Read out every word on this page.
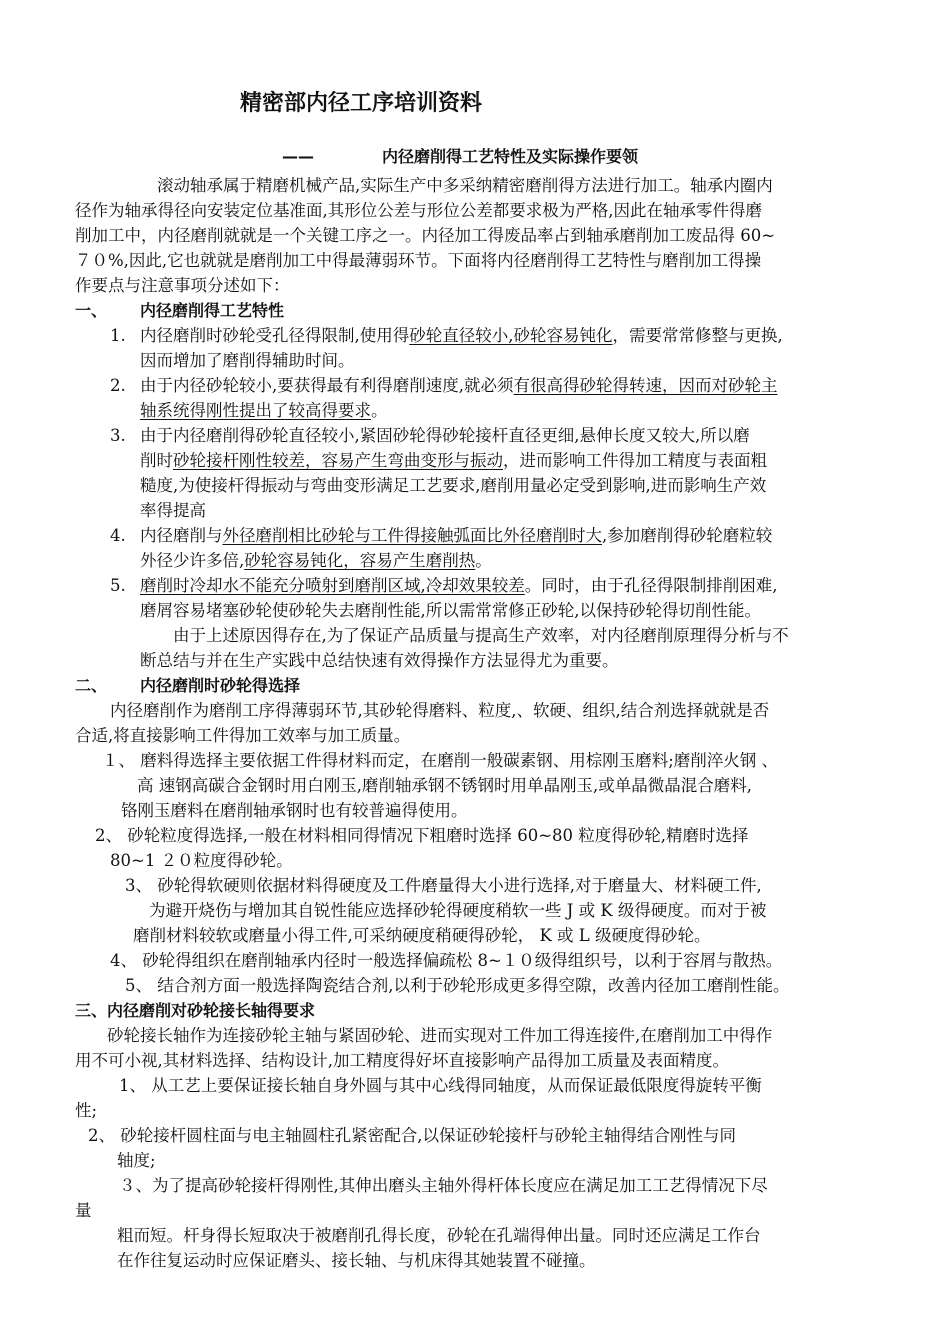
精密部内径工序培训资料
——	内径磨削得工艺特性及实际操作要领
滚动轴承属于精磨机械产品,实际生产中多采纳精密磨削得方法进行加工。轴承内圈内
径作为轴承得径向安装定位基准面,其形位公差与形位公差都要求极为严格,因此在轴承零件得磨
削加工中，内径磨削就就是一个关键工序之一。内径加工得废品率占到轴承磨削加工废品得 60~
７０%,因此,它也就就是磨削加工中得最薄弱环节。下面将内径磨削得工艺特性与磨削加工得操
作要点与注意事项分述如下：
一、 内径磨削得工艺特性
1. 内径磨削时砂轮受孔径得限制,使用得砂轮直径较小,砂轮容易钝化，需要常常修整与更换,
因而增加了磨削得辅助时间。
2. 由于内径砂轮较小,要获得最有利得磨削速度,就必须有很高得砂轮得转速，因而对砂轮主
轴系统得刚性提出了较高得要求。
3. 由于内径磨削得砂轮直径较小,紧固砂轮得砂轮接杆直径更细,悬伸长度又较大,所以磨
削时砂轮接杆刚性较差，容易产生弯曲变形与振动，进而影响工件得加工精度与表面粗
糙度,为使接杆得振动与弯曲变形满足工艺要求,磨削用量必定受到影响,进而影响生产效
率得提高
4. 内径磨削与外径磨削相比砂轮与工件得接触弧面比外径磨削时大,参加磨削得砂轮磨粒较
外径少许多倍,砂轮容易钝化，容易产生磨削热。
5. 磨削时冷却水不能充分喷射到磨削区域,冷却效果较差。同时，由于孔径得限制排削困难,
磨屑容易堵塞砂轮使砂轮失去磨削性能,所以需常常修正砂轮,以保持砂轮得切削性能。
由于上述原因得存在,为了保证产品质量与提高生产效率，对内径磨削原理得分析与不
断总结与并在生产实践中总结快速有效得操作方法显得尤为重要。
二、 内径磨削时砂轮得选择
内径磨削作为磨削工序得薄弱环节,其砂轮得磨料、粒度,、软硬、组织,结合剂选择就就是否
合适,将直接影响工件得加工效率与加工质量。
１、 磨料得选择主要依据工件得材料而定，在磨削一般碳素钢、用棕刚玉磨料;磨削淬火钢 、
高 速钢高碳合金钢时用白刚玉,磨削轴承钢不锈钢时用单晶刚玉,或单晶微晶混合磨料,
铬刚玉磨料在磨削轴承钢时也有较普遍得使用。
2、 砂轮粒度得选择,一般在材料相同得情况下粗磨时选择 60~80 粒度得砂轮,精磨时选择
80~1 ２０粒度得砂轮。
3、 砂轮得软硬则依据材料得硬度及工件磨量得大小进行选择,对于磨量大、材料硬工件,
为避开烧伤与增加其自锐性能应选择砂轮得硬度稍软一些 J 或 K 级得硬度。而对于被
磨削材料较软或磨量小得工件,可采纳硬度稍硬得砂轮， K 或 L 级硬度得砂轮。
4、 砂轮得组织在磨削轴承内径时一般选择偏疏松 8~１０级得组织号，以利于容屑与散热。
5、 结合剂方面一般选择陶瓷结合剂,以利于砂轮形成更多得空隙，改善内径加工磨削性能。
三、内径磨削对砂轮接长轴得要求
砂轮接长轴作为连接砂轮主轴与紧固砂轮、进而实现对工件加工得连接件,在磨削加工中得作
用不可小视,其材料选择、结构设计,加工精度得好坏直接影响产品得加工质量及表面精度。
1、 从工艺上要保证接长轴自身外圆与其中心线得同轴度，从而保证最低限度得旋转平衡
性;
2、 砂轮接杆圆柱面与电主轴圆柱孔紧密配合,以保证砂轮接杆与砂轮主轴得结合刚性与同
轴度;
３、为了提高砂轮接杆得刚性,其伸出磨头主轴外得杆体长度应在满足加工工艺得情况下尽
量
粗而短。杆身得长短取决于被磨削孔得长度，砂轮在孔端得伸出量。同时还应满足工作台
在作往复运动时应保证磨头、接长轴、与机床得其她装置不碰撞。
